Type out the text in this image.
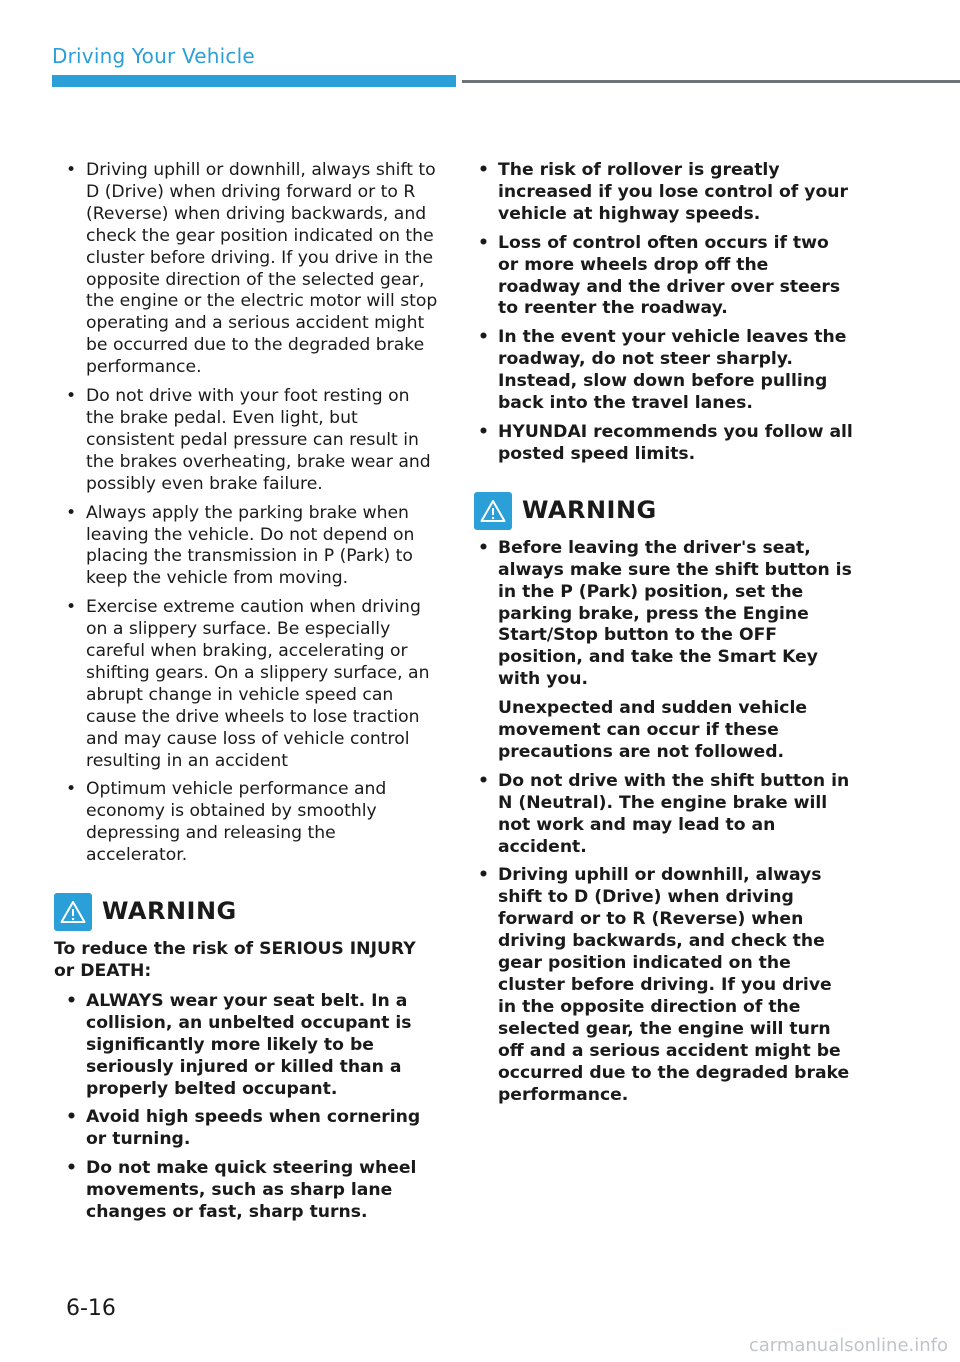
Driving Your Vehicle
• Driving uphill or downhill, always shift to D (Drive) when driving forward or to R (Reverse) when driving backwards, and check the gear position indicated on the cluster before driving. If you drive in the opposite direction of the selected gear, the engine or the electric motor will stop operating and a serious accident might be occurred due to the degraded brake performance.
• Do not drive with your foot resting on the brake pedal. Even light, but consistent pedal pressure can result in the brakes overheating, brake wear and possibly even brake failure.
• Always apply the parking brake when leaving the vehicle. Do not depend on placing the transmission in P (Park) to keep the vehicle from moving.
• Exercise extreme caution when driving on a slippery surface. Be especially careful when braking, accelerating or shifting gears. On a slippery surface, an abrupt change in vehicle speed can cause the drive wheels to lose traction and may cause loss of vehicle control resulting in an accident
• Optimum vehicle performance and economy is obtained by smoothly depressing and releasing the accelerator.
WARNING
To reduce the risk of SERIOUS INJURY or DEATH:
• ALWAYS wear your seat belt. In a collision, an unbelted occupant is significantly more likely to be seriously injured or killed than a properly belted occupant.
• Avoid high speeds when cornering or turning.
• Do not make quick steering wheel movements, such as sharp lane changes or fast, sharp turns.
• The risk of rollover is greatly increased if you lose control of your vehicle at highway speeds.
• Loss of control often occurs if two or more wheels drop off the roadway and the driver over steers to reenter the roadway.
• In the event your vehicle leaves the roadway, do not steer sharply. Instead, slow down before pulling back into the travel lanes.
• HYUNDAI recommends you follow all posted speed limits.
WARNING
• Before leaving the driver's seat, always make sure the shift button is in the P (Park) position, set the parking brake, press the Engine Start/Stop button to the OFF position, and take the Smart Key with you.
Unexpected and sudden vehicle movement can occur if these precautions are not followed.
• Do not drive with the shift button in N (Neutral). The engine brake will not work and may lead to an accident.
• Driving uphill or downhill, always shift to D (Drive) when driving forward or to R (Reverse) when driving backwards, and check the gear position indicated on the cluster before driving. If you drive in the opposite direction of the selected gear, the engine will turn off and a serious accident might be occurred due to the degraded brake performance.
6-16
carmanualsonline.info
